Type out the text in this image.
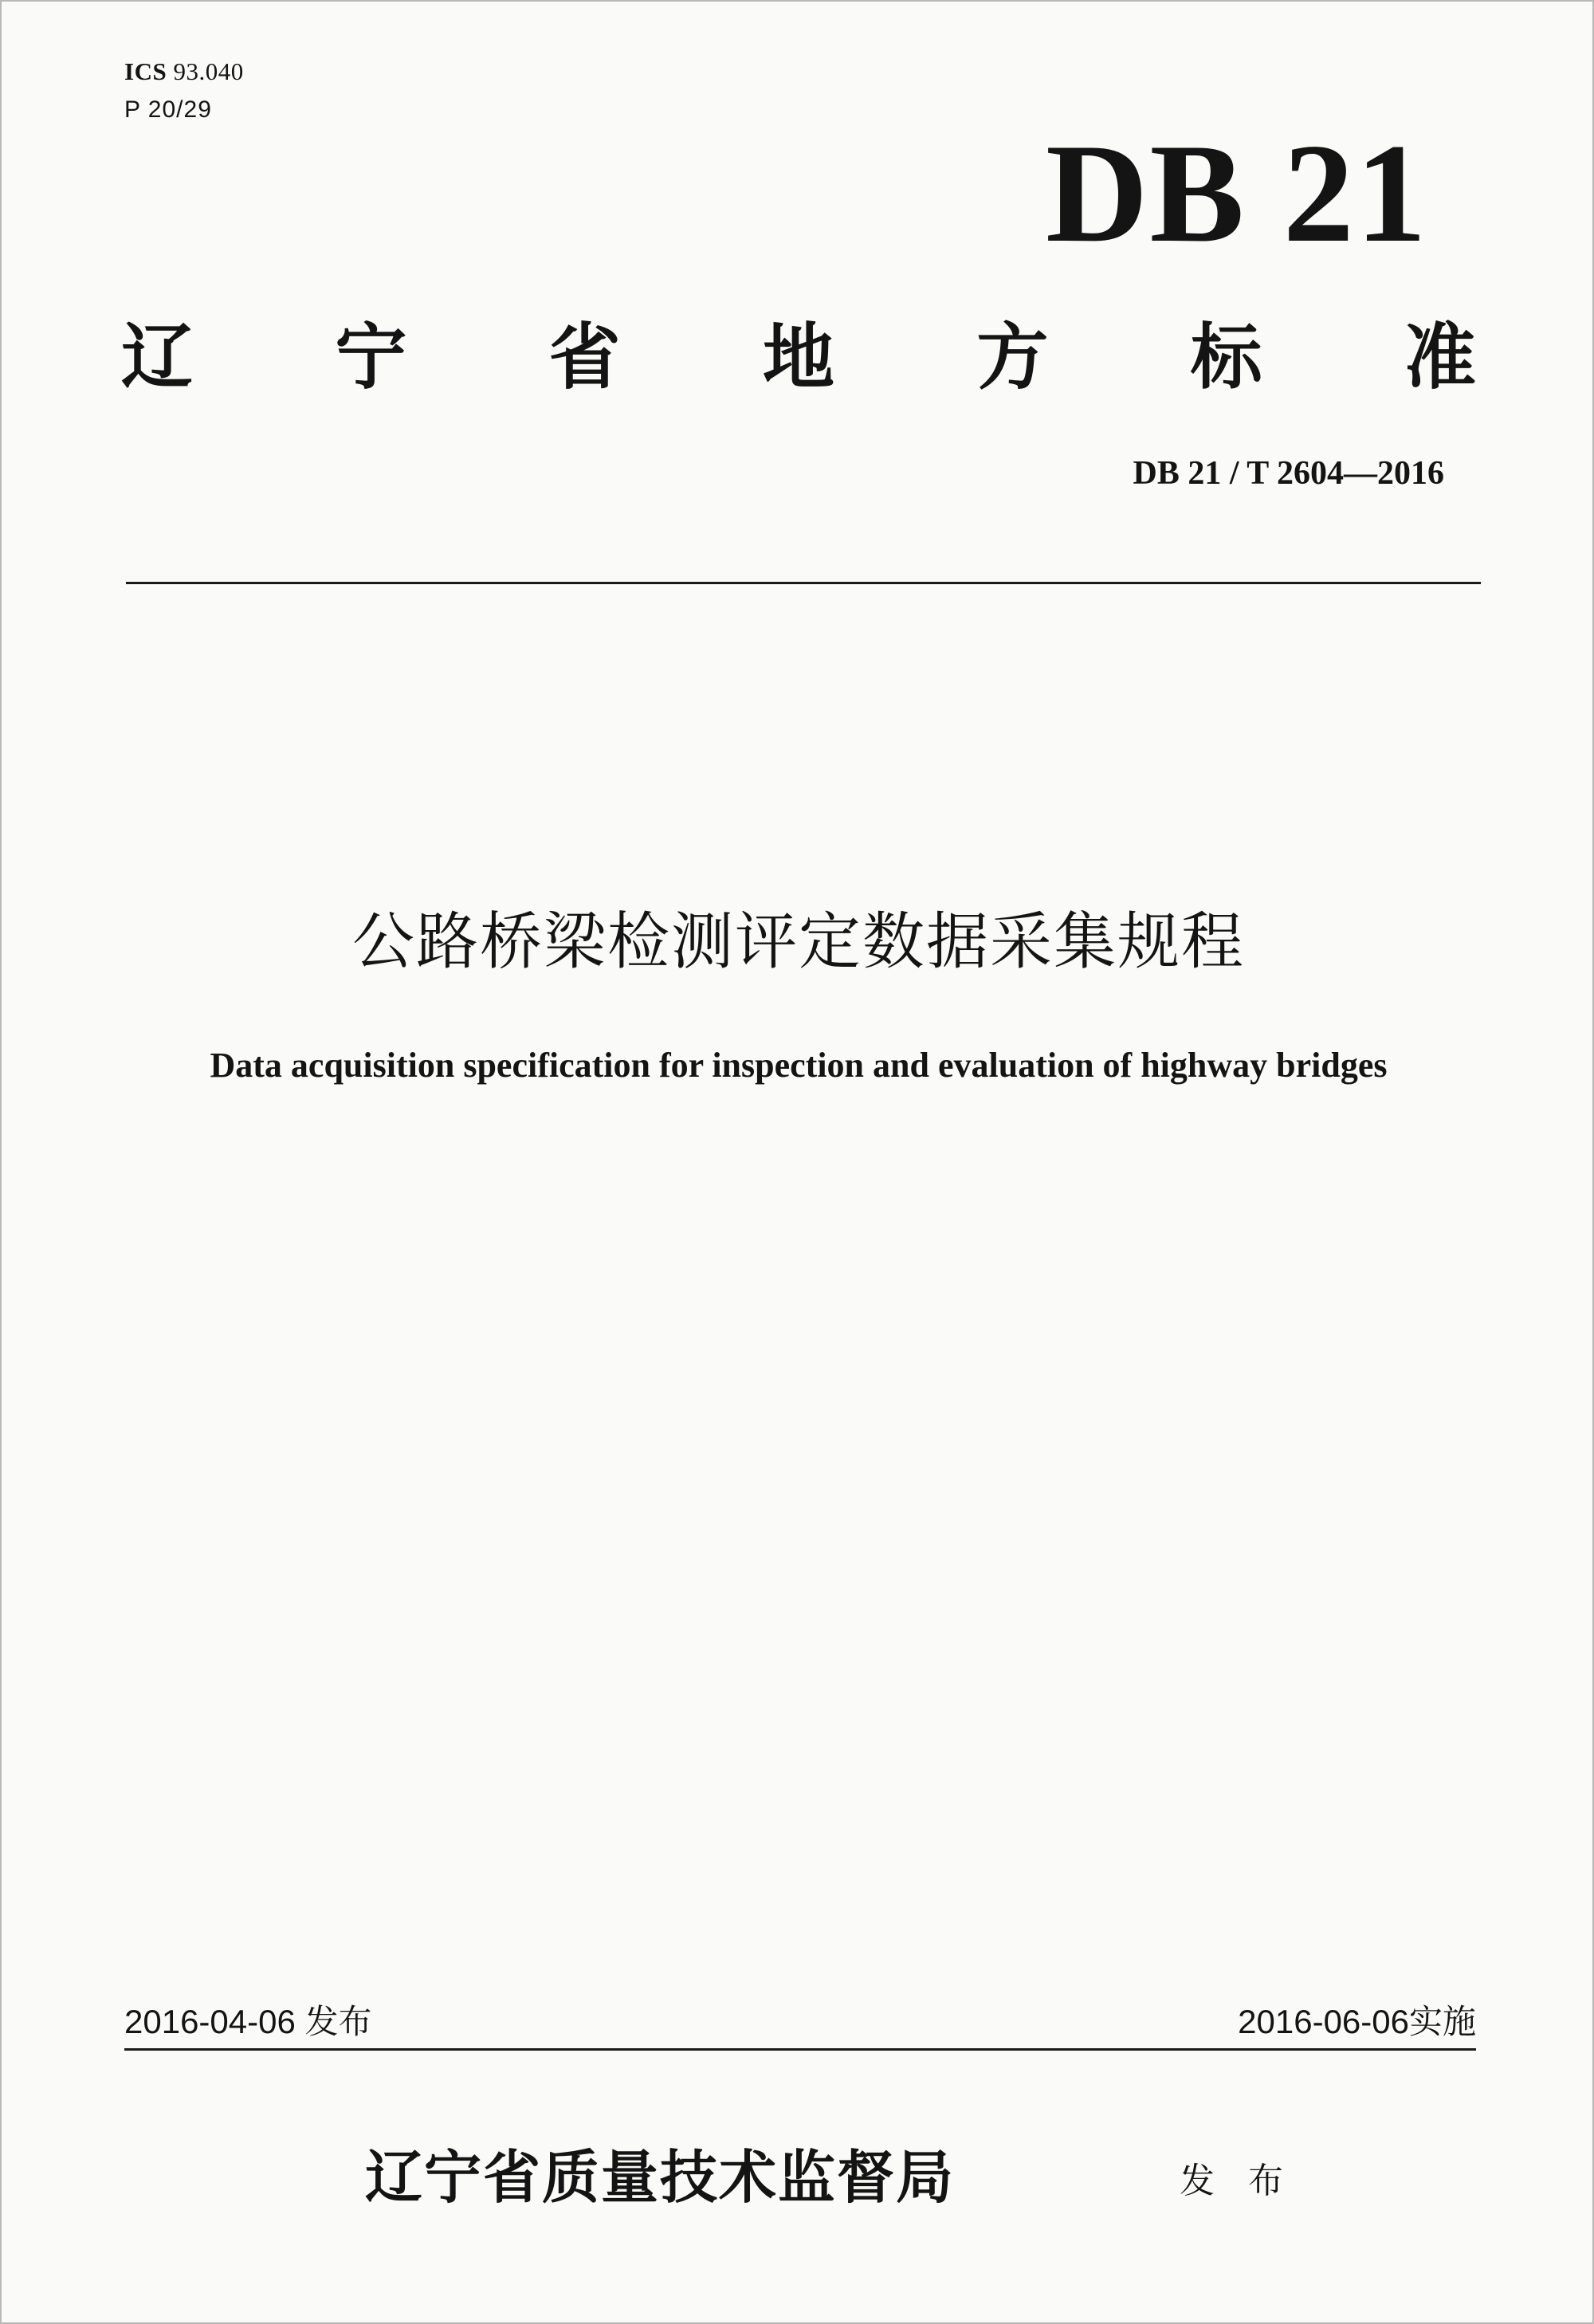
ICS 93.040
P 20/29
DB 21
辽 宁 省 地 方 标 准
DB 21 / T 2604—2016
公路桥梁检测评定数据采集规程
Data acquisition specification for inspection and evaluation of highway bridges
2016-04-06 发布	2016-06-06实施
辽宁省质量技术监督局	发 布
